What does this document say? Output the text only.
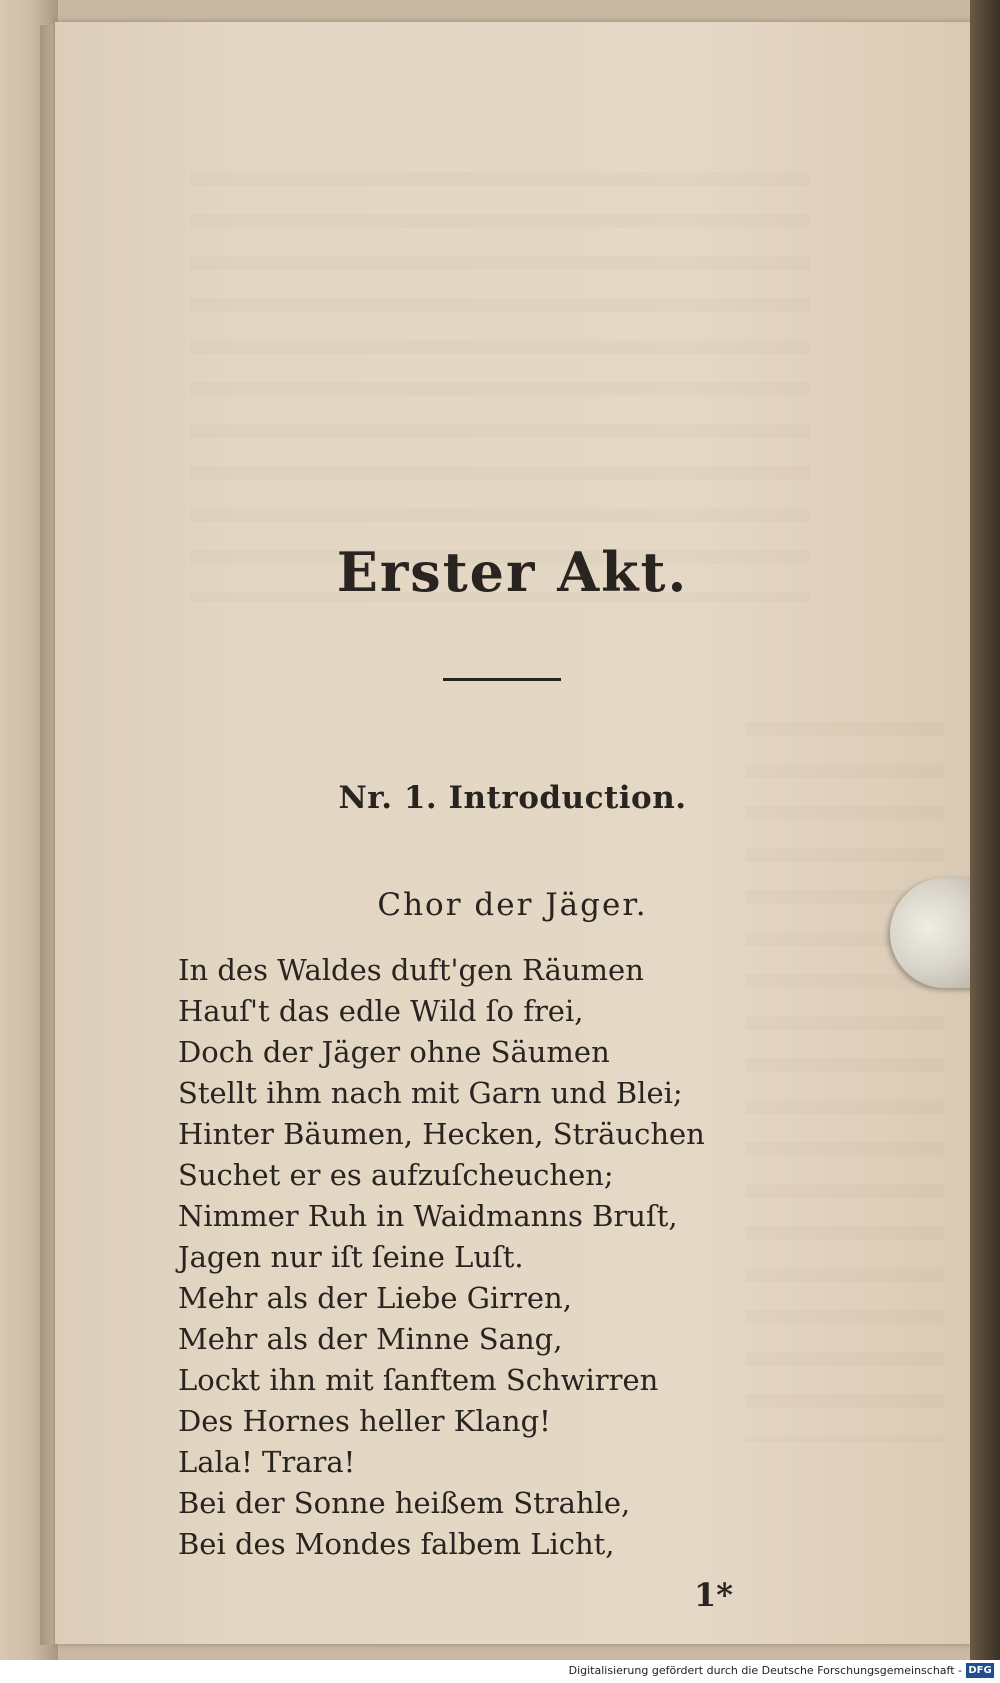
Erster Akt.
Nr. 1. Introduction.
Chor der Jäger.
In des Waldes duft'gen Räumen
Hauſ't das edle Wild ſo frei,
Doch der Jäger ohne Säumen
Stellt ihm nach mit Garn und Blei;
Hinter Bäumen, Hecken, Sträuchen
Suchet er es aufzuſcheuchen;
Nimmer Ruh in Waidmanns Bruſt,
Jagen nur iſt ſeine Luſt.
Mehr als der Liebe Girren,
Mehr als der Minne Sang,
Lockt ihn mit ſanftem Schwirren
Des Hornes heller Klang!
Lala! Trara!
Bei der Sonne heißem Strahle,
Bei des Mondes falbem Licht,
1*
Digitalisierung gefördert durch die Deutsche Forschungsgemeinschaft - DFG
